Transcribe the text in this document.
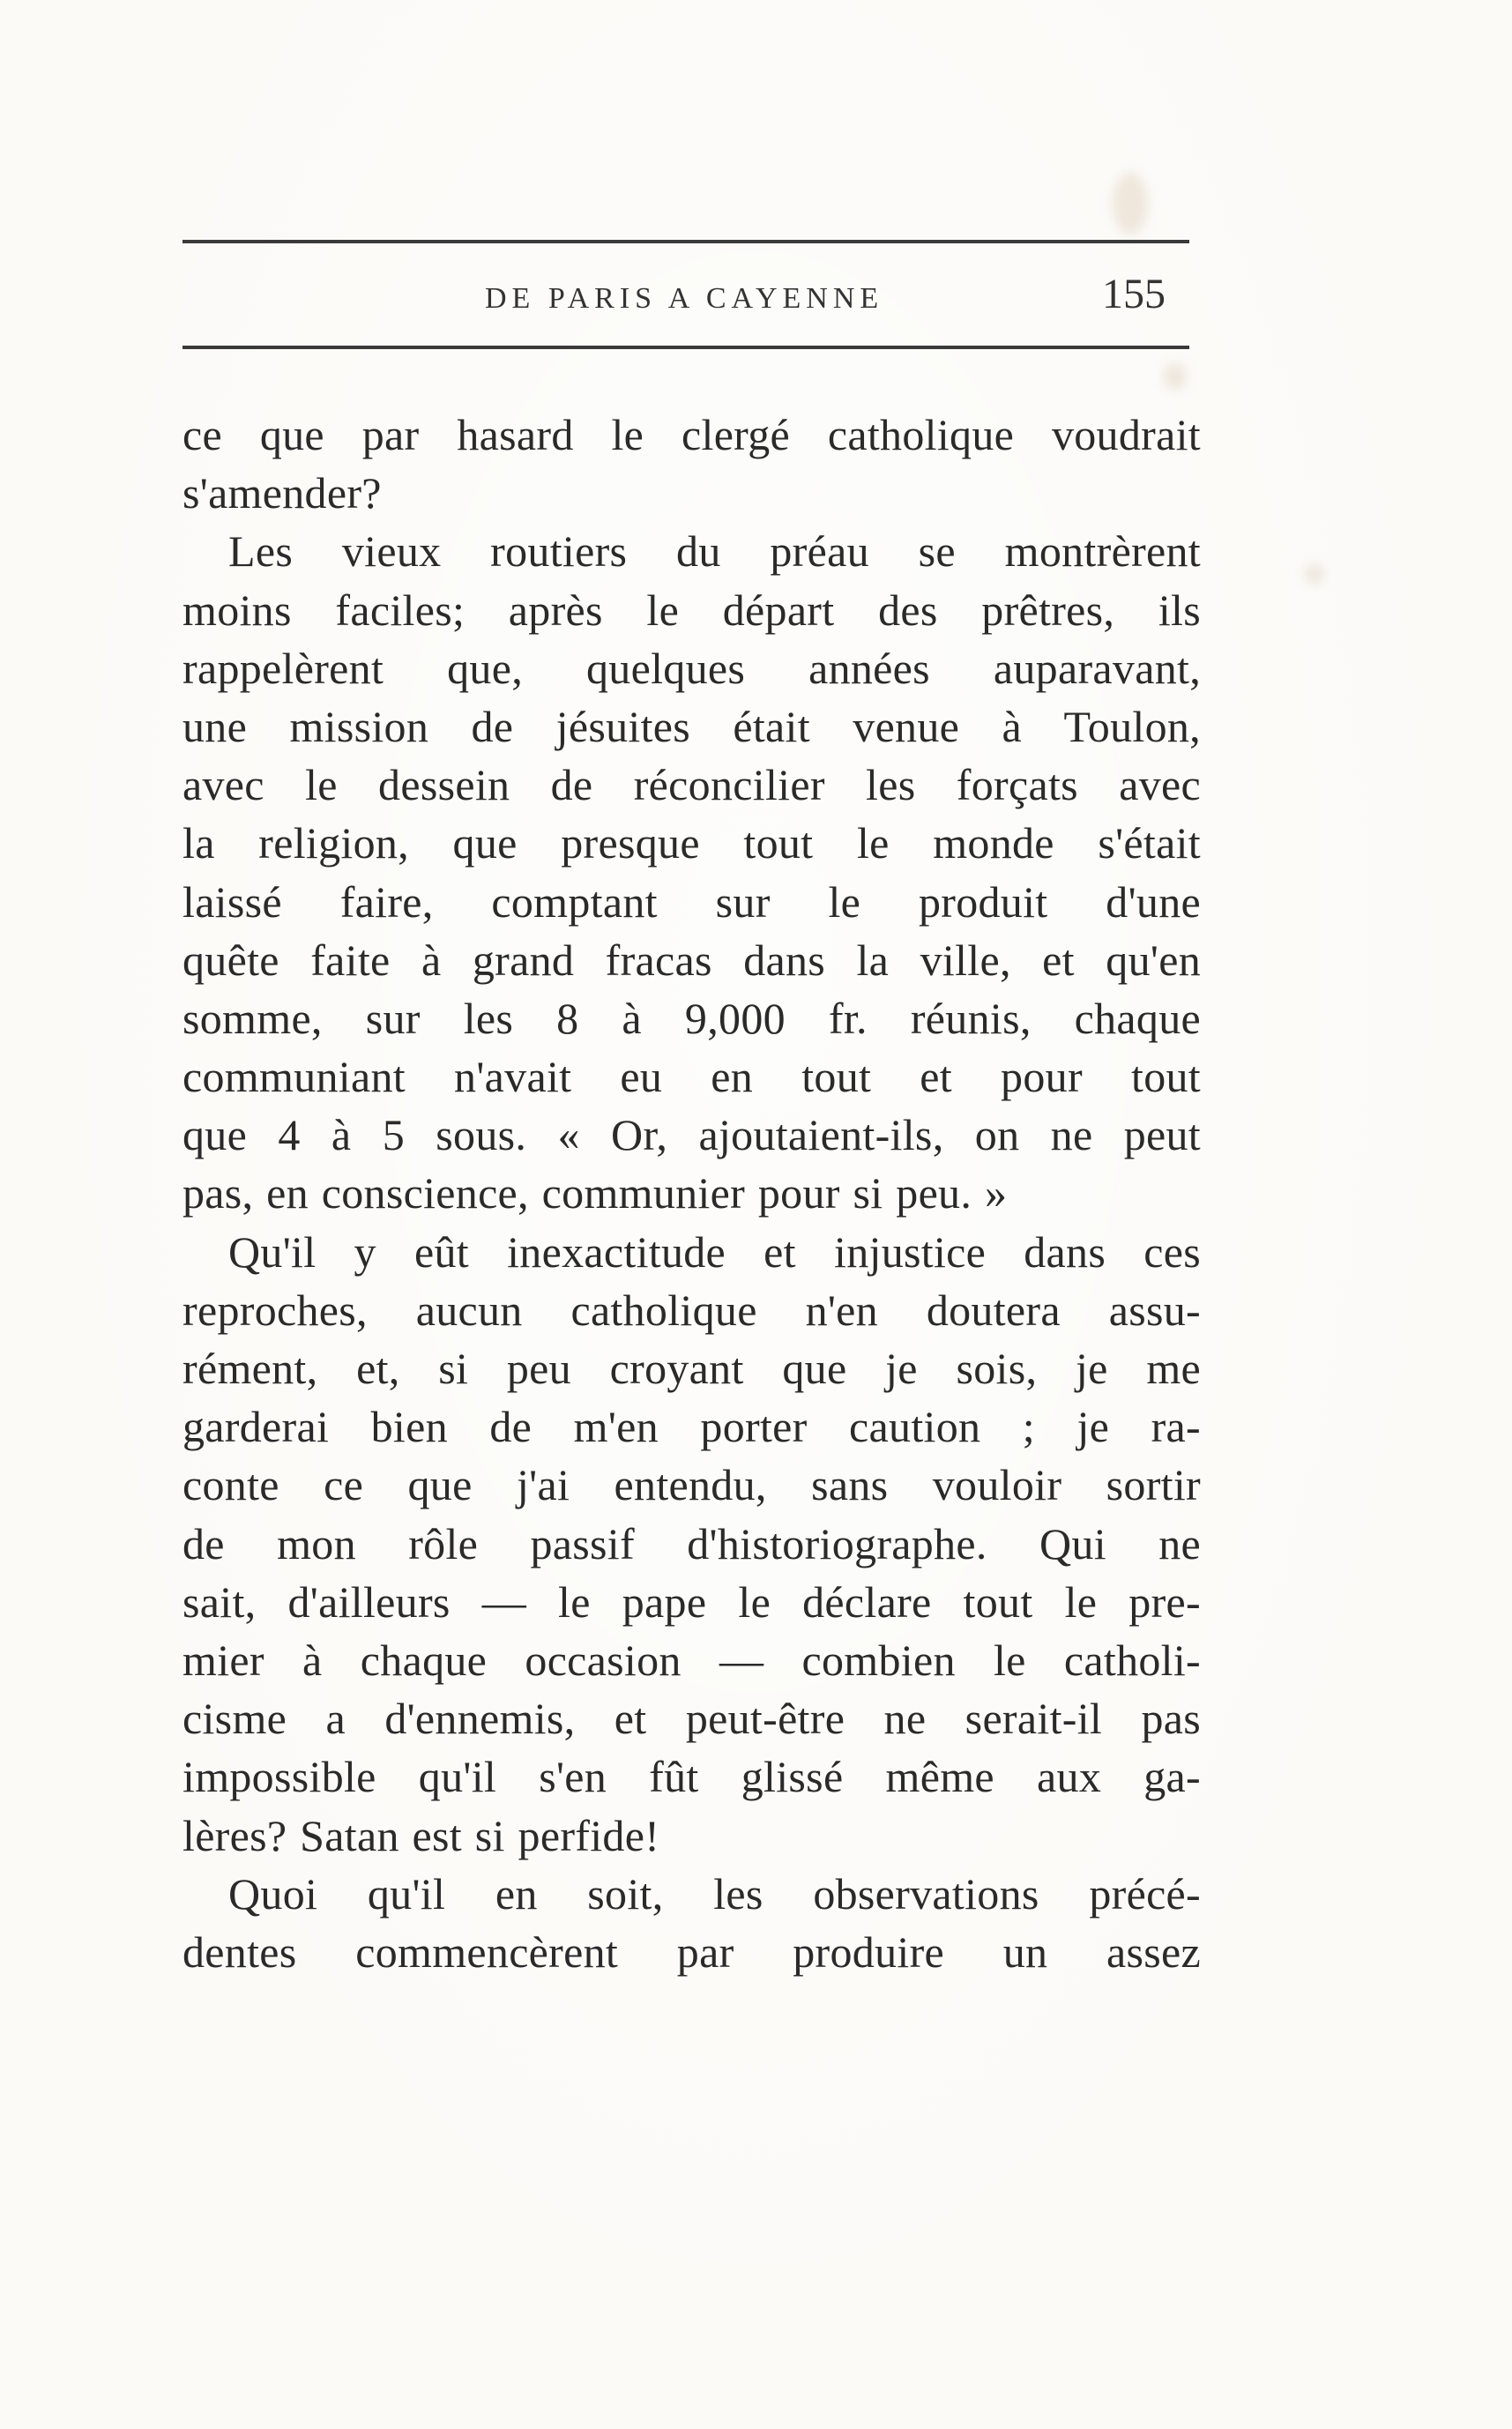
DE PARIS A CAYENNE	155
ce que par hasard le clergé catholique voudrait
s'amender?
Les vieux routiers du préau se montrèrent
moins faciles; après le départ des prêtres, ils
rappelèrent que, quelques années auparavant,
une mission de jésuites était venue à Toulon,
avec le dessein de réconcilier les forçats avec
la religion, que presque tout le monde s'était
laissé faire, comptant sur le produit d'une
quête faite à grand fracas dans la ville, et qu'en
somme, sur les 8 à 9,000 fr. réunis, chaque
communiant n'avait eu en tout et pour tout
que 4 à 5 sous. « Or, ajoutaient-ils, on ne peut
pas, en conscience, communier pour si peu. »
Qu'il y eût inexactitude et injustice dans ces
reproches, aucun catholique n'en doutera assu-
rément, et, si peu croyant que je sois, je me
garderai bien de m'en porter caution ; je ra-
conte ce que j'ai entendu, sans vouloir sortir
de mon rôle passif d'historiographe. Qui ne
sait, d'ailleurs — le pape le déclare tout le pre-
mier à chaque occasion — combien le catholi-
cisme a d'ennemis, et peut-être ne serait-il pas
impossible qu'il s'en fût glissé même aux ga-
lères? Satan est si perfide!
Quoi qu'il en soit, les observations précé-
dentes commencèrent par produire un assez
